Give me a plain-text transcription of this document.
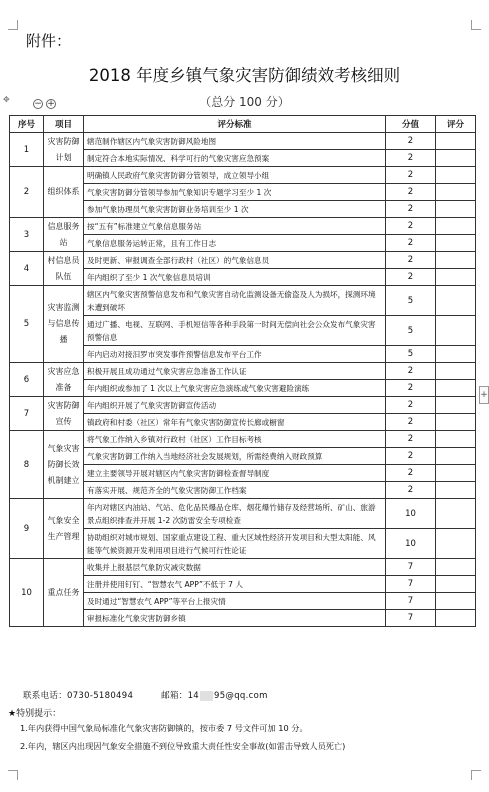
附件：
2018 年度乡镇气象灾害防御绩效考核细则
（总分 100 分）
✥	− +
+
序号	项目	评分标准	分值	评分
1	灾害防御计划	辖范制作辖区内气象灾害防御风险地图	2	
		制定符合本地实际情况、科学可行的气象灾害应急预案	2	
2	组织体系	明确镇人民政府气象灾害防御分管领导，成立领导小组	2	
		气象灾害防御分管领导参加气象知识专题学习至少 1 次	2	
		参加气象协理员气象灾害防御业务培训至少 1 次	2	
3	信息服务站	按“五有”标准建立气象信息服务站	2	
		气象信息服务运转正常，且有工作日志	2	
4	村信息员队伍	及时更新、审报调查全部行政村（社区）的气象信息员	2	
		年内组织了至少 1 次气象信息员培训	2	
5	灾害监测与信息传播	辖区内气象灾害预警信息发布和气象灾害自动化监测设备无偷盗及人为损坏，探测环境未遭到破坏	5	
		通过广播、电视、互联网、手机短信等各种手段第一时间无偿向社会公众发布气象灾害预警信息	5	
		年内启动对接汨罗市突发事件预警信息发布平台工作	5	
6	灾害应急准备	积极开展且成功通过气象灾害应急准备工作认证	2	
		年内组织或参加了 1 次以上气象灾害应急演练或气象灾害避险演练	2	
7	灾害防御宣传	年内组织开展了气象灾害防御宣传活动	2	
		镇政府和村委（社区）常年有气象灾害防御宣传长廊或橱窗	2	
8	气象灾害防御长效机制建立	将气象工作纳入乡镇对行政村（社区）工作目标考核	2	
		气象灾害防御工作纳入当地经济社会发展规划，所需经费纳入财政预算	2	
		建立主要领导开展对辖区内气象灾害防御检查督导制度	2	
		有落实开展、规范齐全的气象灾害防御工作档案	2	
9	气象安全生产管理	年内对辖区内油站、气站、危化品民爆品仓库、烟花爆竹储存及经营场所、矿山、旅游景点组织排查并开展 1-2 次防雷安全专项检查	10	
		协助组织对城市规划、国家重点建设工程、重大区域性经济开发项目和大型太阳能、风能等气候资源开发利用项目进行气候可行性论证	10	
10	重点任务	收集并上报基层气象防灾减灾数据	7	
		注册并使用钉钉、“智慧农气 APP”不低于 7 人	7	
		及时通过“智慧农气 APP”等平台上报灾情	7	
		审报标准化气象灾害防御乡镇	7	
联系电话：0730-5180494	邮箱：14 95@qq.com
★特别提示：
1.年内获得中国气象局标准化气象灾害防御镇的，按市委 7 号文件可加 10 分。
2.年内，辖区内出现因气象安全措施不到位导致重大责任性安全事故(如雷击导致人员死亡)
